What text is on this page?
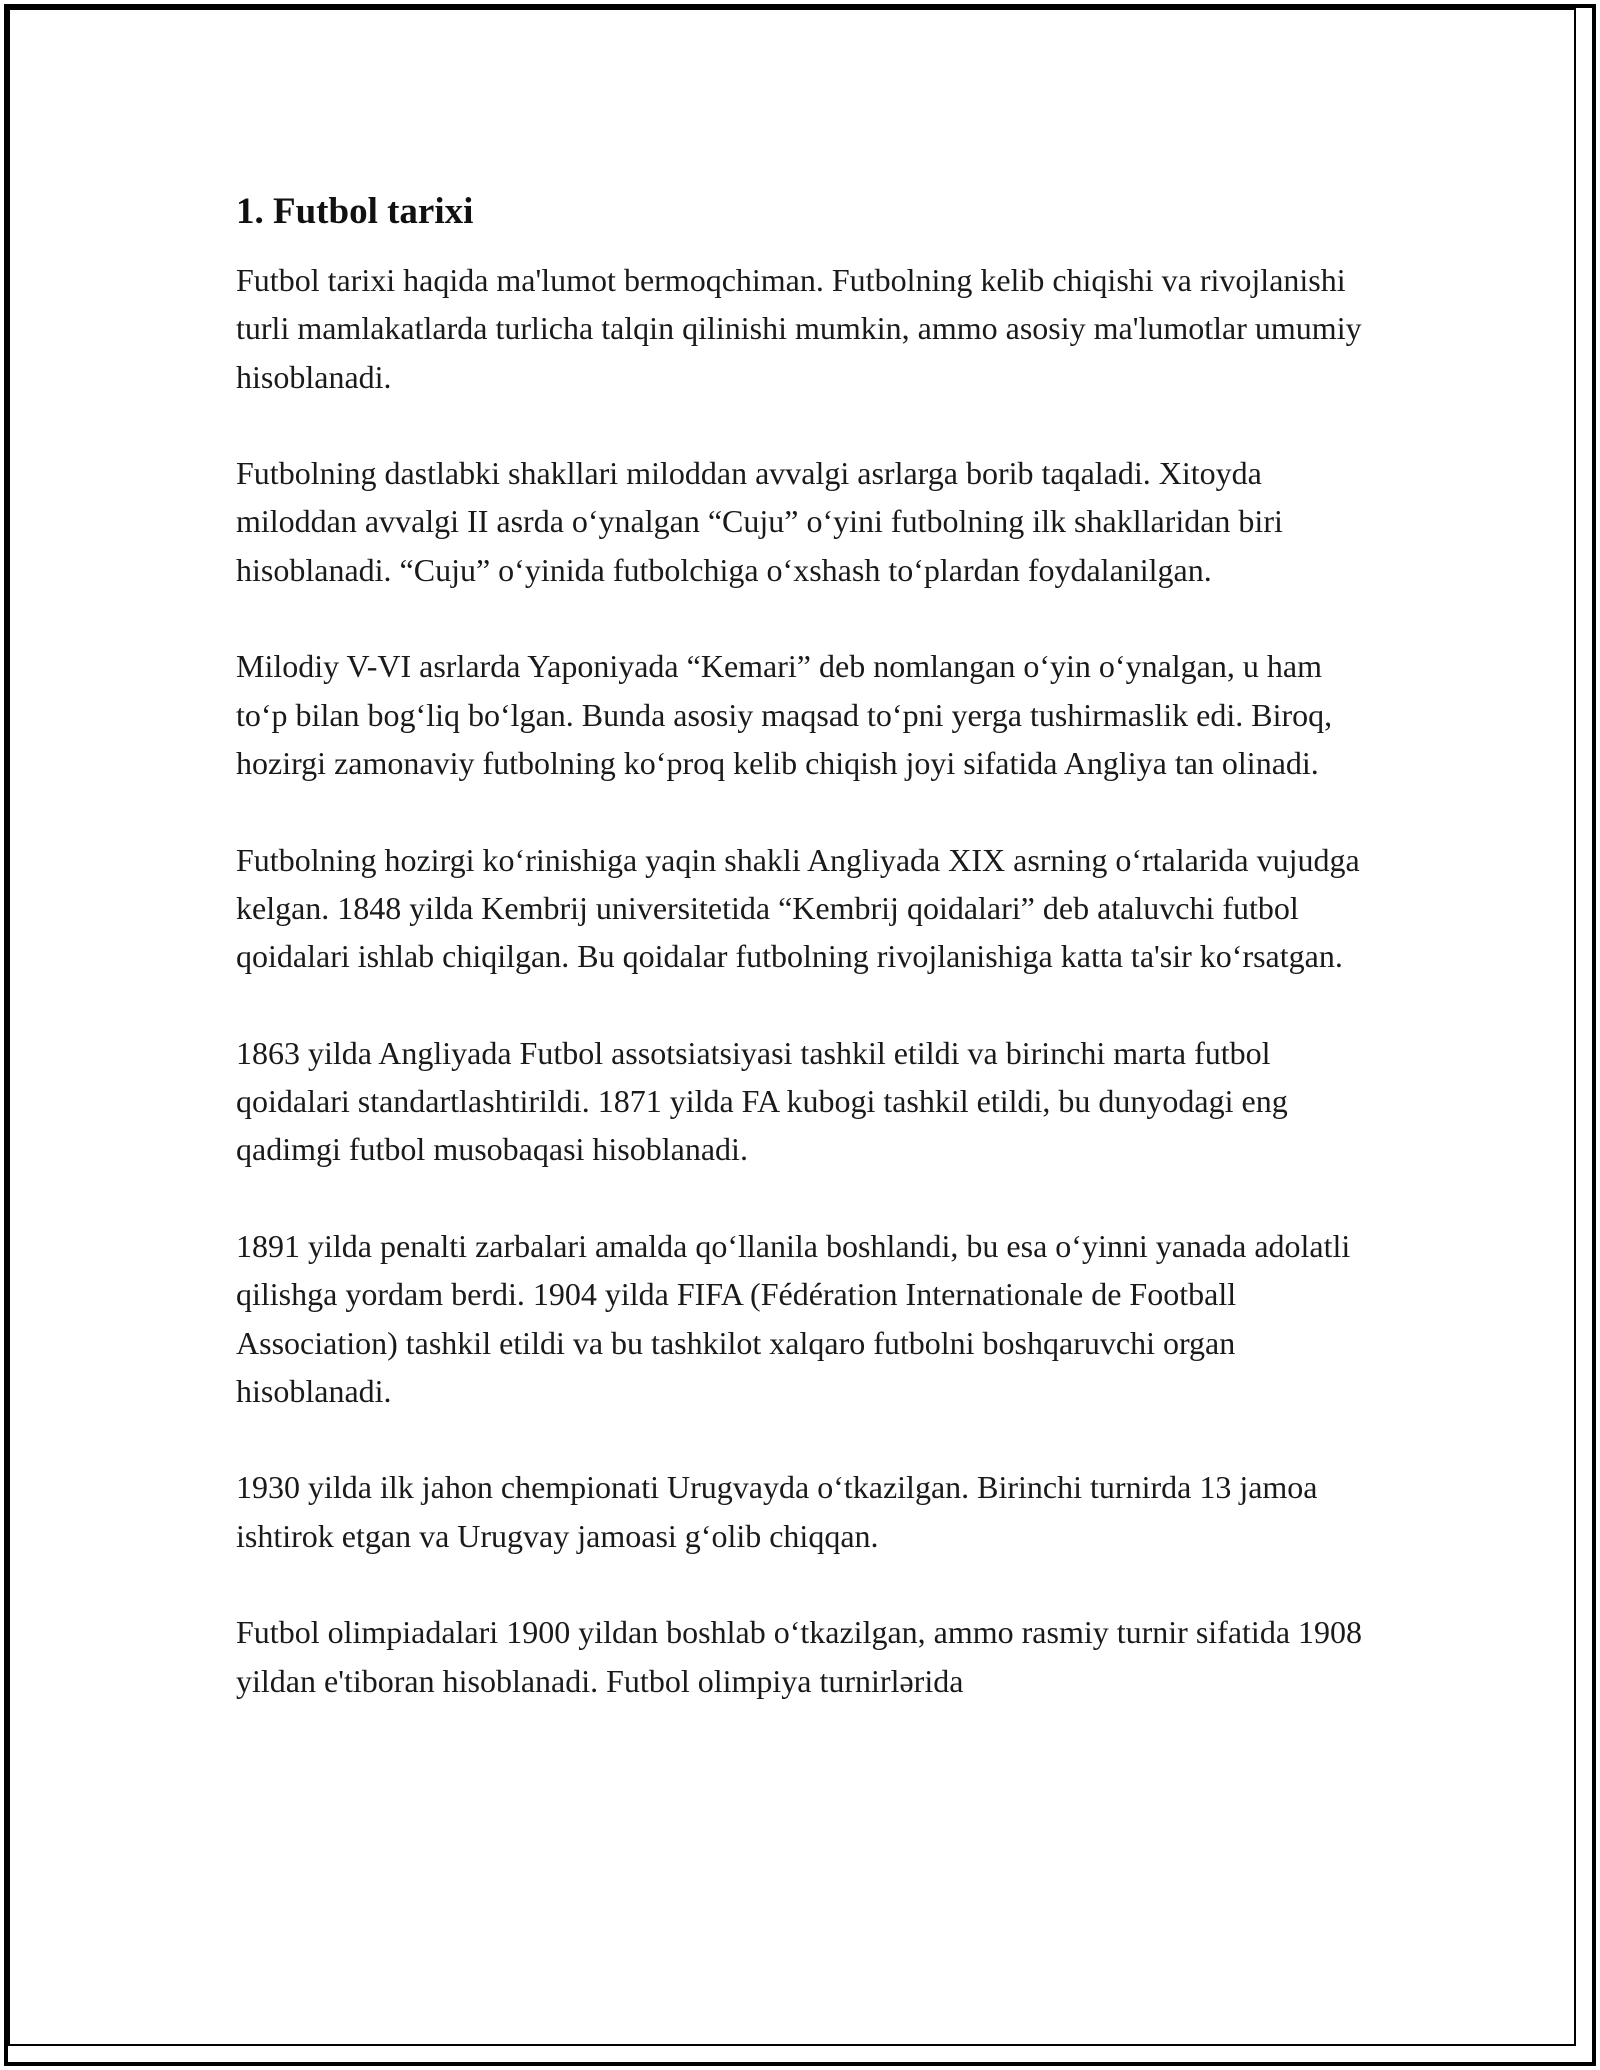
1. Futbol tarixi

Futbol tarixi haqida ma'lumot bermoqchiman. Futbolning kelib chiqishi va rivojlanishi turli mamlakatlarda turlicha talqin qilinishi mumkin, ammo asosiy ma'lumotlar umumiy hisoblanadi.

Futbolning dastlabki shakllari miloddan avvalgi asrlarga borib taqaladi. Xitoyda miloddan avvalgi II asrda o‘ynalgan “Cuju” o‘yini futbolning ilk shakllaridan biri hisoblanadi. “Cuju” o‘yinida futbolchiga o‘xshash to‘plardan foydalanilgan.

Milodiy V-VI asrlarda Yaponiyada “Kemari” deb nomlangan o‘yin o‘ynalgan, u ham to‘p bilan bog‘liq bo‘lgan. Bunda asosiy maqsad to‘pni yerga tushirmaslik edi. Biroq, hozirgi zamonaviy futbolning ko‘proq kelib chiqish joyi sifatida Angliya tan olinadi.

Futbolning hozirgi ko‘rinishiga yaqin shakli Angliyada XIX asrning o‘rtalarida vujudga kelgan. 1848 yilda Kembrij universitetida “Kembrij qoidalari” deb ataluvchi futbol qoidalari ishlab chiqilgan. Bu qoidalar futbolning rivojlanishiga katta ta'sir ko‘rsatgan.

1863 yilda Angliyada Futbol assotsiatsiyasi tashkil etildi va birinchi marta futbol qoidalari standartlashtirildi. 1871 yilda FA kubogi tashkil etildi, bu dunyodagi eng qadimgi futbol musobaqasi hisoblanadi.

1891 yilda penalti zarbalari amalda qo‘llanila boshlandi, bu esa o‘yinni yanada adolatli qilishga yordam berdi. 1904 yilda FIFA (Fédération Internationale de Football Association) tashkil etildi va bu tashkilot xalqaro futbolni boshqaruvchi organ hisoblanadi.

1930 yilda ilk jahon chempionati Urugvayda o‘tkazilgan. Birinchi turnirda 13 jamoa ishtirok etgan va Urugvay jamoasi g‘olib chiqqan.

Futbol olimpiadalari 1900 yildan boshlab o‘tkazilgan, ammo rasmiy turnir sifatida 1908 yildan e'tiboran hisoblanadi. Futbol olimpiya turnirlərida
